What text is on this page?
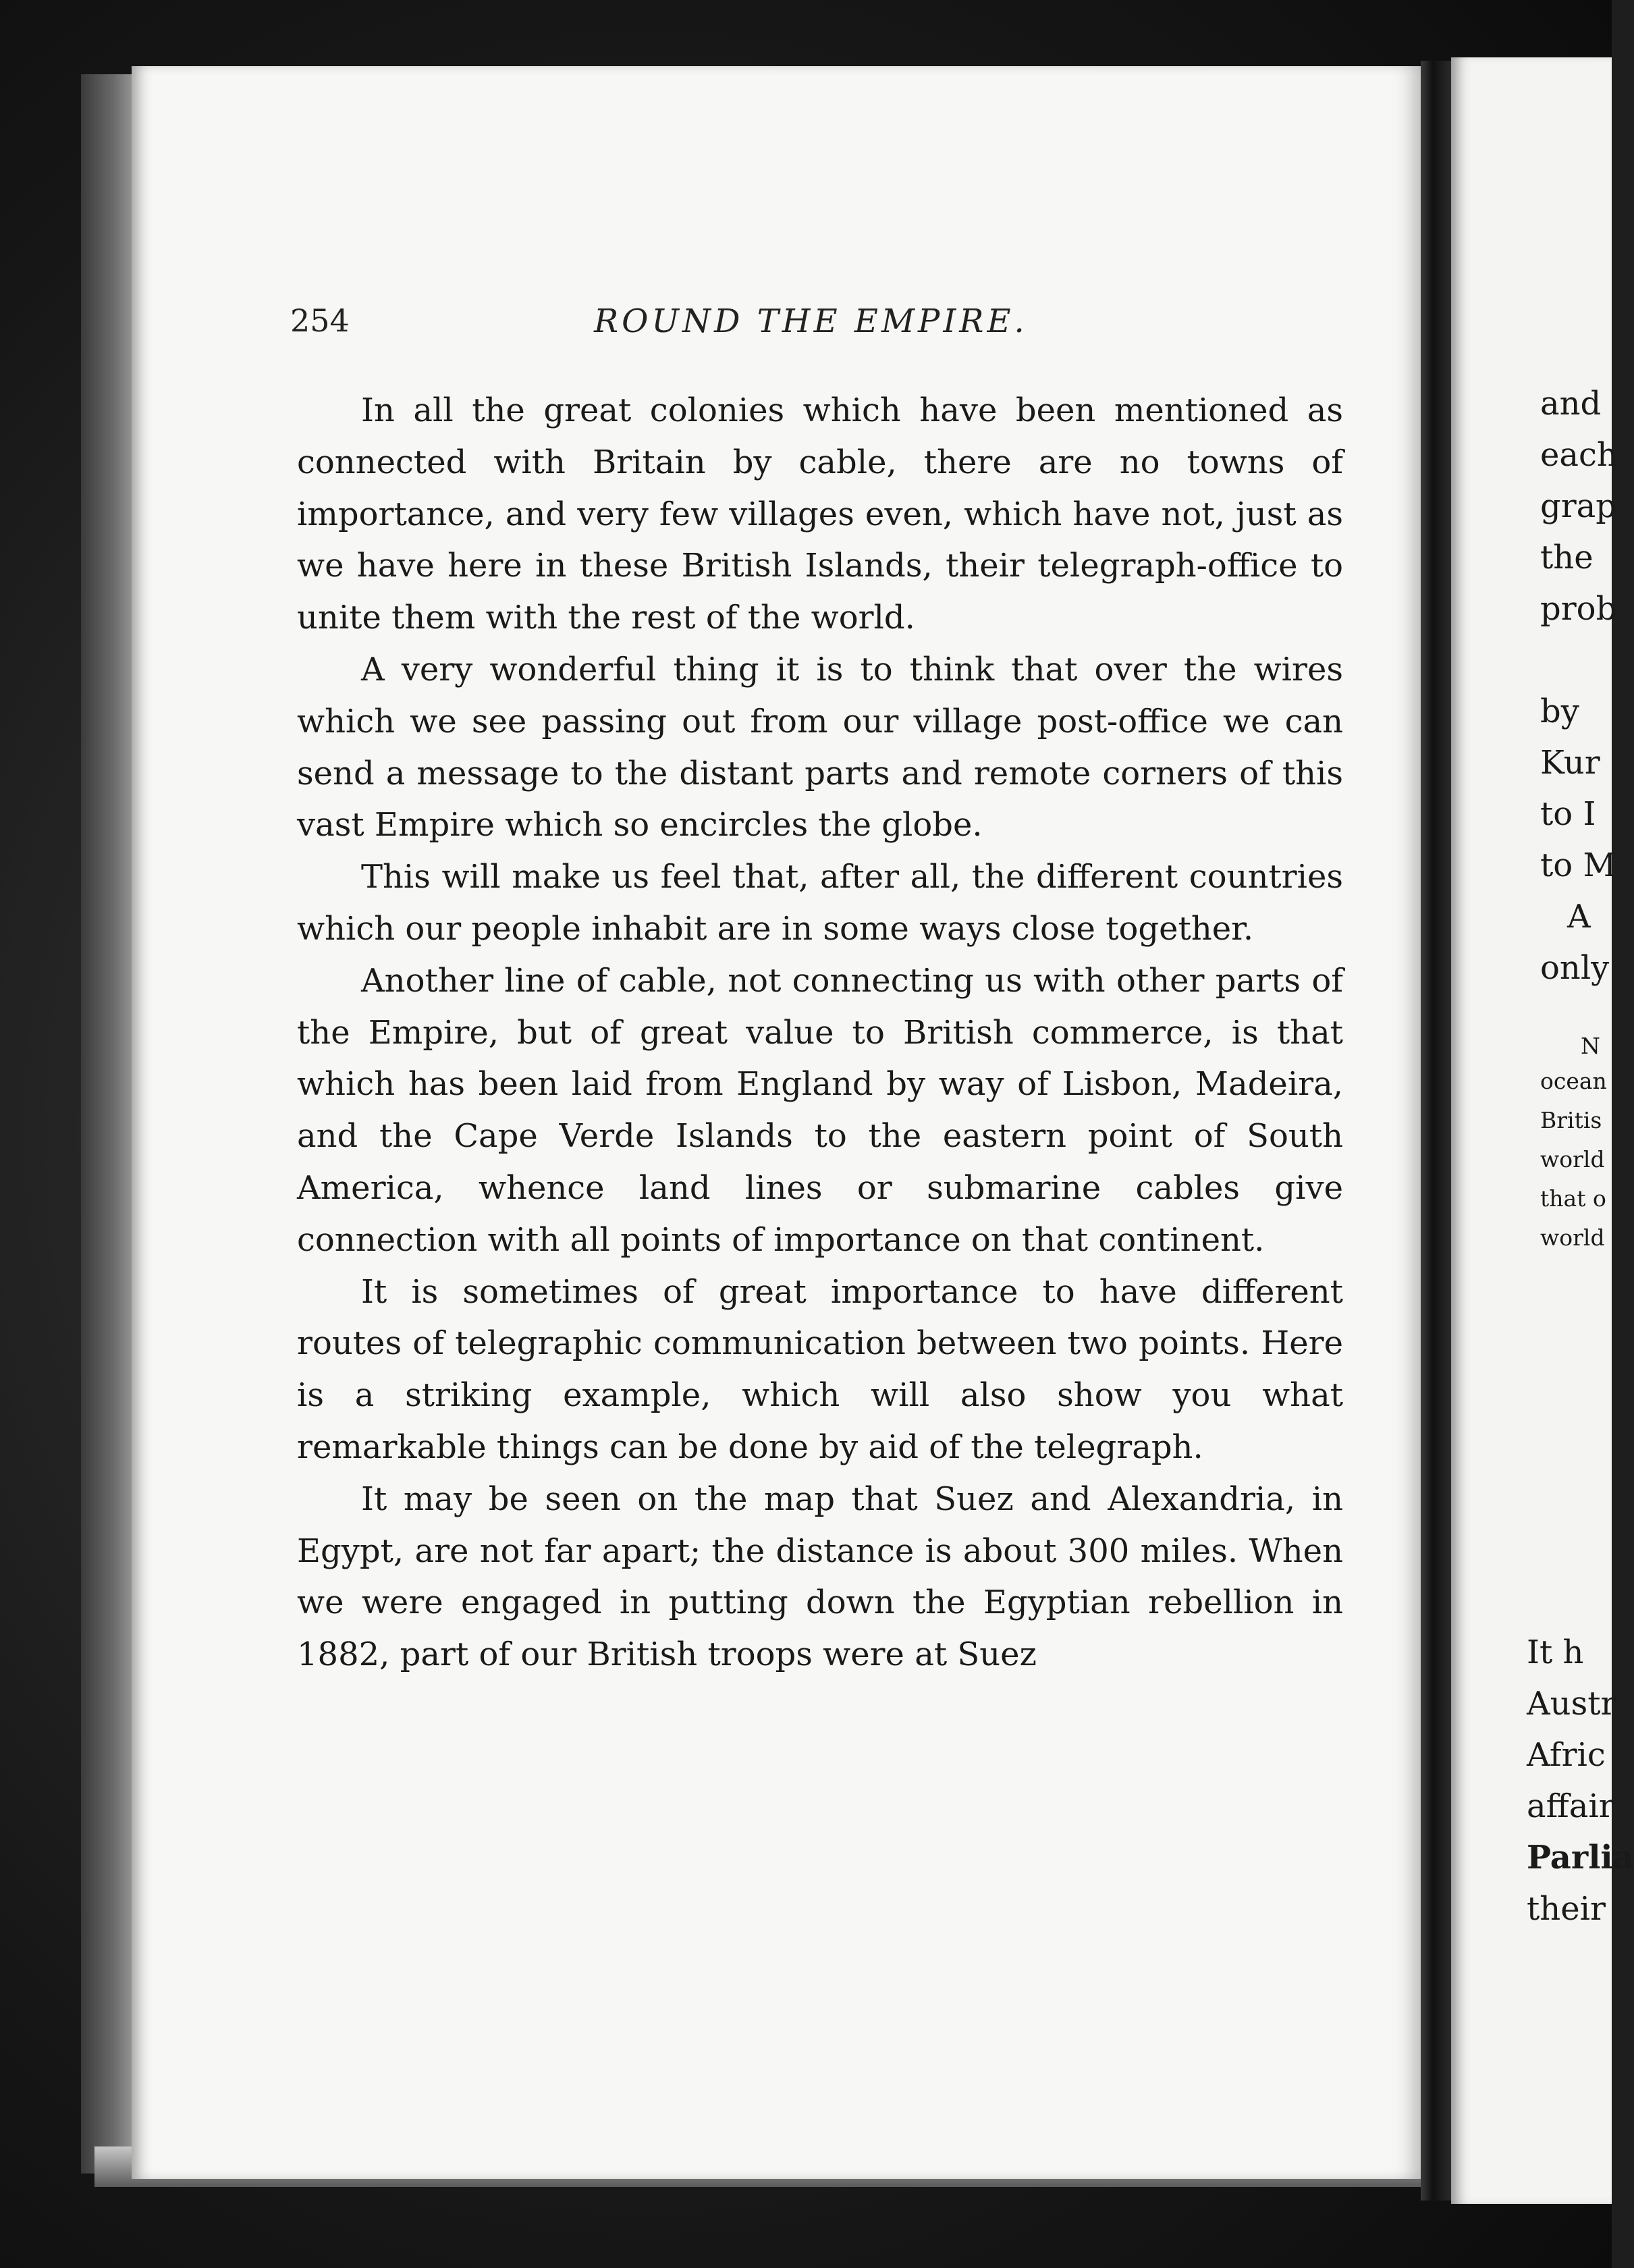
254	ROUND THE EMPIRE.

In all the great colonies which have been mentioned as connected with Britain by cable, there are no towns of importance, and very few villages even, which have not, just as we have here in these British Islands, their telegraph-office to unite them with the rest of the world.

A very wonderful thing it is to think that over the wires which we see passing out from our village post-office we can send a message to the distant parts and remote corners of this vast Empire which so encircles the globe.

This will make us feel that, after all, the different countries which our people inhabit are in some ways close together.

Another line of cable, not connecting us with other parts of the Empire, but of great value to British commerce, is that which has been laid from England by way of Lisbon, Madeira, and the Cape Verde Islands to the eastern point of South America, whence land lines or submarine cables give connection with all points of importance on that continent.

It is sometimes of great importance to have different routes of telegraphic communication between two points. Here is a striking example, which will also show you what remarkable things can be done by aid of the telegraph.

It may be seen on the map that Suez and Alexandria, in Egypt, are not far apart; the distance is about 300 miles. When we were engaged in putting down the Egyptian rebellion in 1882, part of our British troops were at Suez

and
each
grap
the
prob
by
Kur
to I
to M
A
only
N
ocean
Britis
world
that o
world
It h
Austr
Afric
affair
Parlia
their
